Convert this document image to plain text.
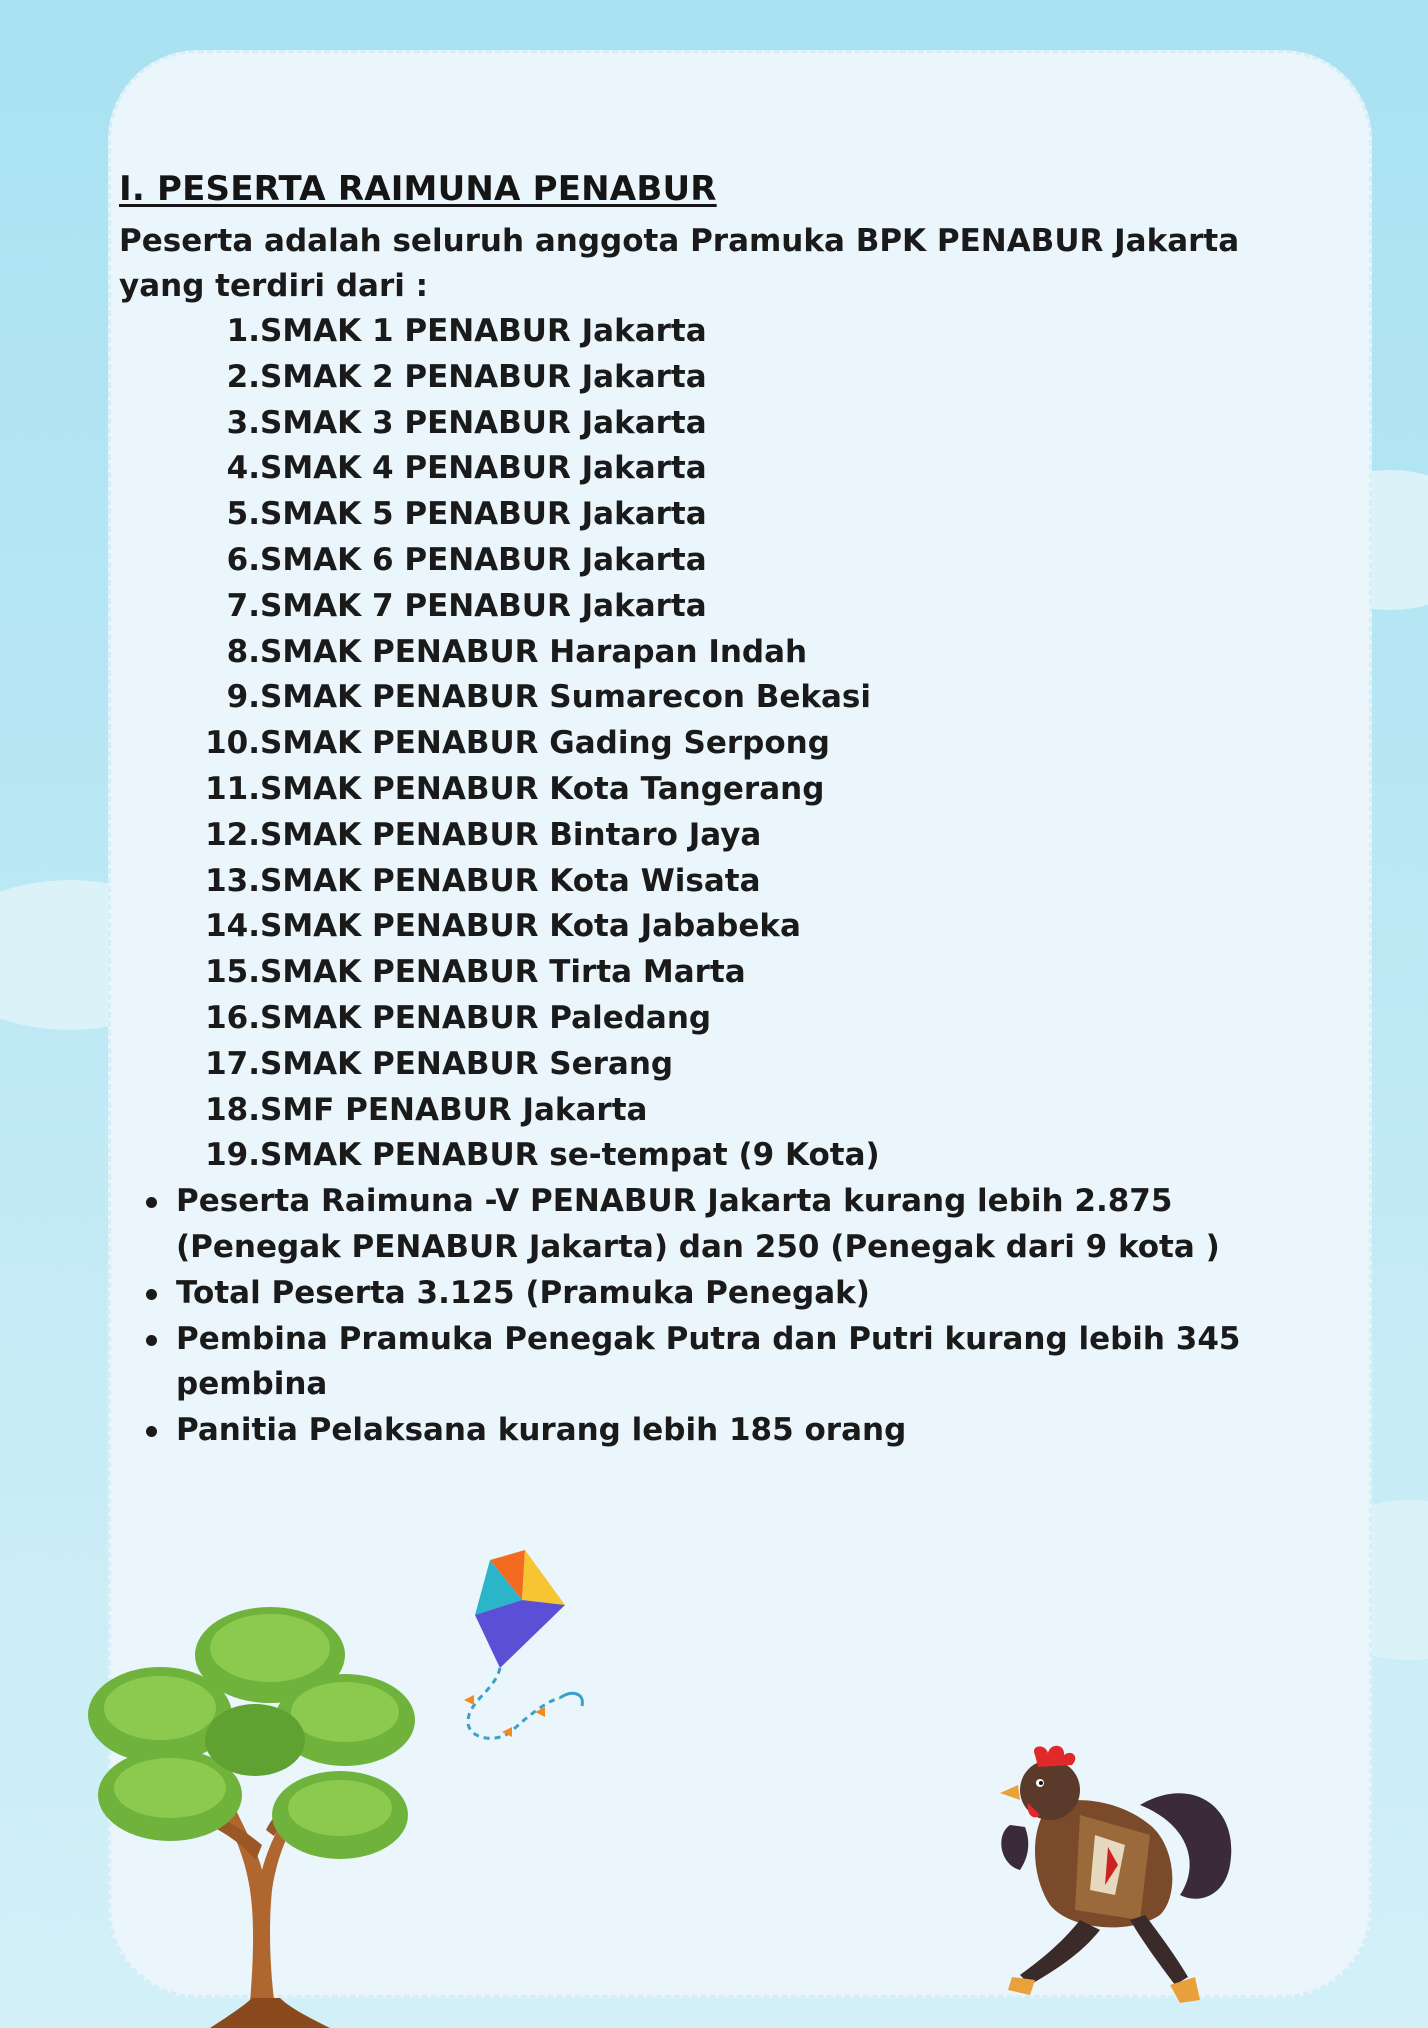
I. PESERTA RAIMUNA PENABUR

Peserta adalah seluruh anggota Pramuka BPK PENABUR Jakarta
yang terdiri dari :

1. SMAK 1 PENABUR Jakarta
2. SMAK 2 PENABUR Jakarta
3. SMAK 3 PENABUR Jakarta
4. SMAK 4 PENABUR Jakarta
5. SMAK 5 PENABUR Jakarta
6. SMAK 6 PENABUR Jakarta
7. SMAK 7 PENABUR Jakarta
8. SMAK PENABUR Harapan Indah
9. SMAK PENABUR Sumarecon Bekasi
10. SMAK PENABUR Gading Serpong
11. SMAK PENABUR Kota Tangerang
12. SMAK PENABUR Bintaro Jaya
13. SMAK PENABUR Kota Wisata
14. SMAK PENABUR Kota Jababeka
15. SMAK PENABUR Tirta Marta
16. SMAK PENABUR Paledang
17. SMAK PENABUR Serang
18. SMF PENABUR Jakarta
19. SMAK PENABUR se-tempat (9 Kota)
Peserta Raimuna -V PENABUR Jakarta kurang lebih 2.875
(Penegak PENABUR Jakarta) dan 250 (Penegak dari 9 kota )
Total Peserta 3.125 (Pramuka Penegak)
Pembina Pramuka Penegak Putra dan Putri kurang lebih 345
pembina
Panitia Pelaksana kurang lebih 185 orang
